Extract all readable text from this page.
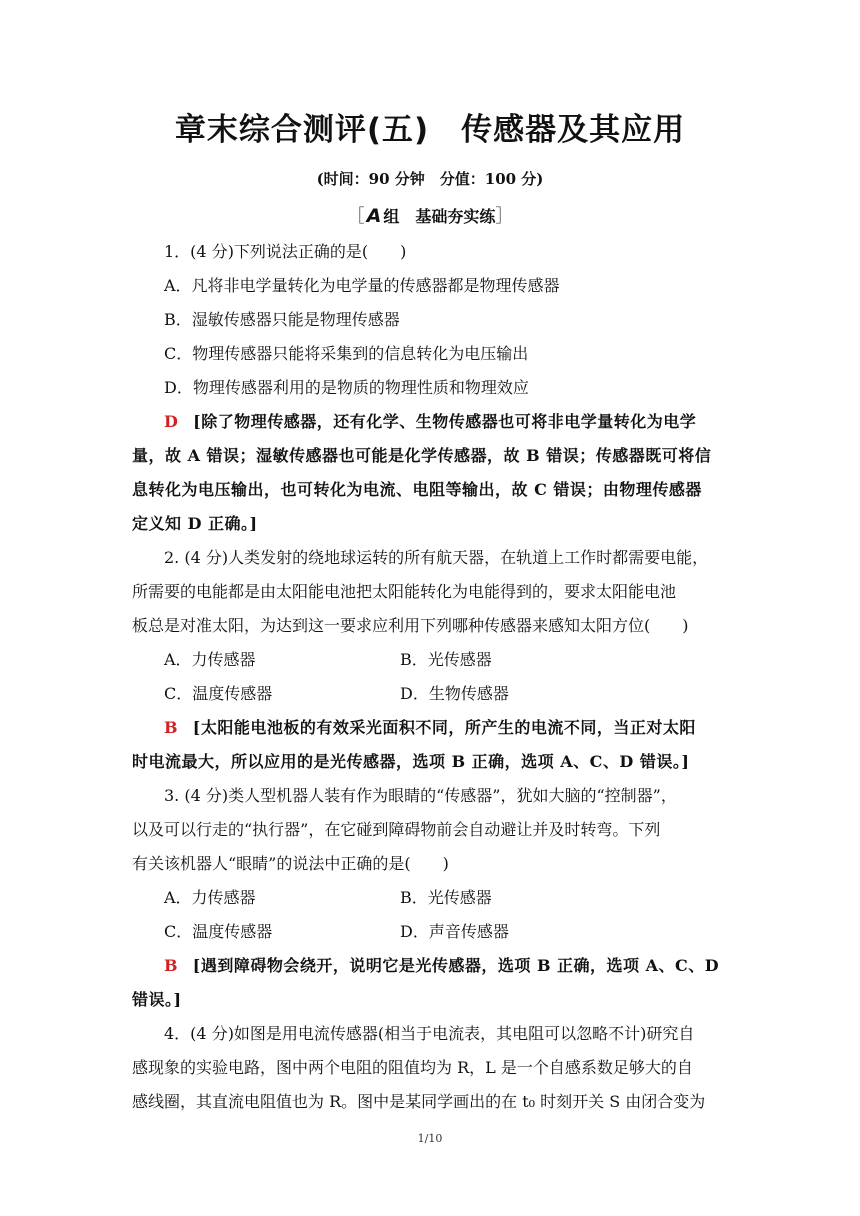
章末综合测评(五)　传感器及其应用
(时间：90 分钟　分值：100 分)
［ A 组　基础夯实练］
1．(4 分)下列说法正确的是(　　)
A．凡将非电学量转化为电学量的传感器都是物理传感器
B．湿敏传感器只能是物理传感器
C．物理传感器只能将采集到的信息转化为电压输出
D．物理传感器利用的是物质的物理性质和物理效应
D [除了物理传感器，还有化学、生物传感器也可将非电学量转化为电学
量，故 A 错误；湿敏传感器也可能是化学传感器，故 B 错误；传感器既可将信
息转化为电压输出，也可转化为电流、电阻等输出，故 C 错误；由物理传感器
定义知 D 正确。]
2. (4 分)人类发射的绕地球运转的所有航天器，在轨道上工作时都需要电能，
所需要的电能都是由太阳能电池把太阳能转化为电能得到的，要求太阳能电池
板总是对准太阳，为达到这一要求应利用下列哪种传感器来感知太阳方位(　　)
A．力传感器	B．光传感器
C．温度传感器	D．生物传感器
B [太阳能电池板的有效采光面积不同，所产生的电流不同，当正对太阳
时电流最大，所以应用的是光传感器，选项 B 正确，选项 A、C、D 错误。]
3. (4 分)类人型机器人装有作为眼睛的“传感器”，犹如大脑的“控制器”，
以及可以行走的“执行器”，在它碰到障碍物前会自动避让并及时转弯。下列
有关该机器人“眼睛”的说法中正确的是(　　)
A．力传感器	B．光传感器
C．温度传感器	D．声音传感器
B [遇到障碍物会绕开，说明它是光传感器，选项 B 正确，选项 A、C、D
错误。]
4．(4 分)如图是用电流传感器(相当于电流表，其电阻可以忽略不计)研究自
感现象的实验电路，图中两个电阻的阻值均为 R，L 是一个自感系数足够大的自
感线圈，其直流电阻值也为 R。图中是某同学画出的在 t₀ 时刻开关 S 由闭合变为
1/10
